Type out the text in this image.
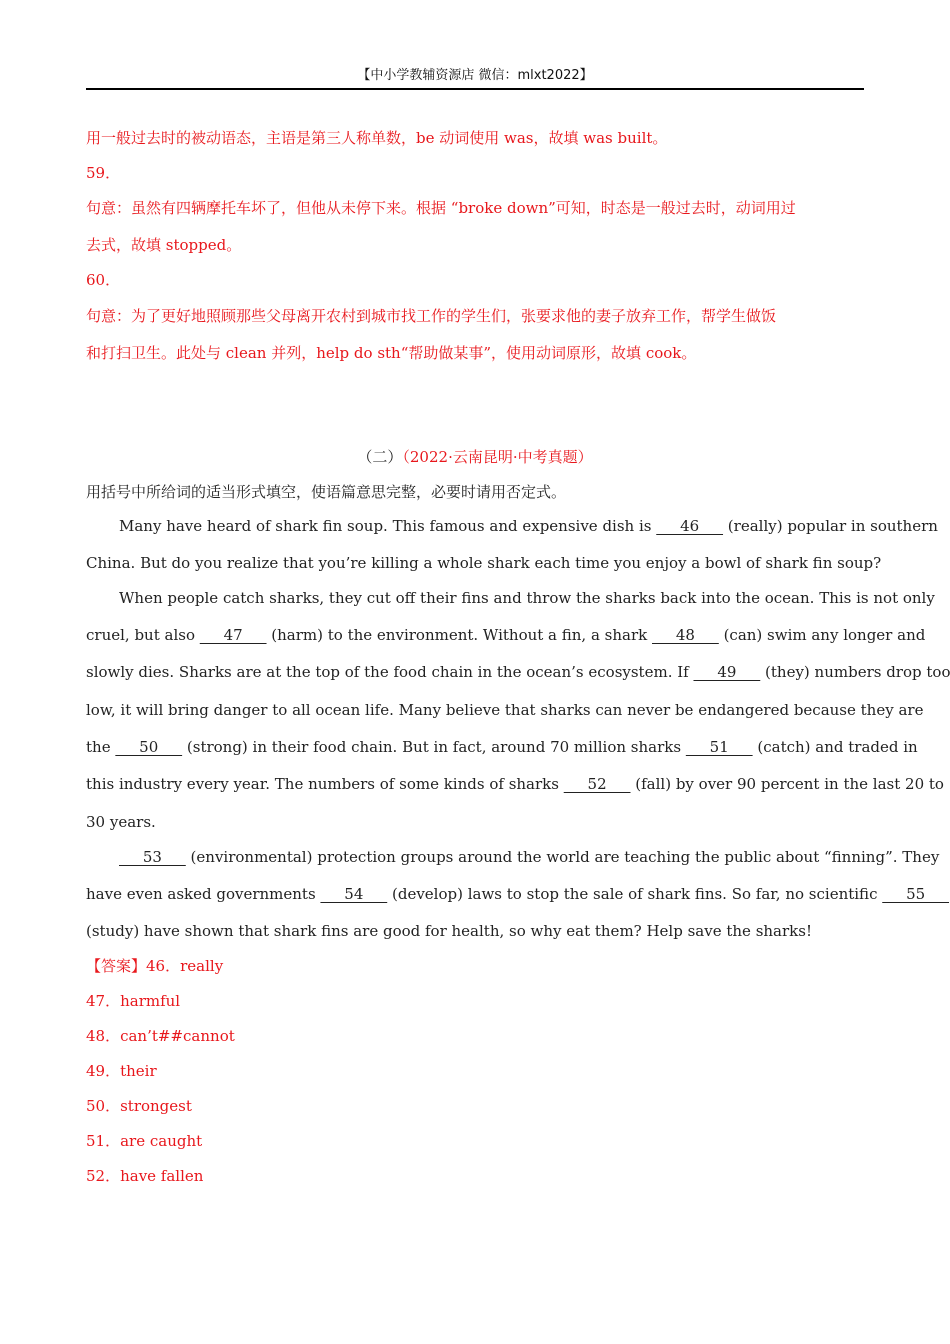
【中小学教辅资源店 微信：mlxt2022】
用一般过去时的被动语态，主语是第三人称单数，be 动词使用 was，故填 was built。
59．
句意：虽然有四辆摩托车坏了，但他从未停下来。根据 “broke down”可知，时态是一般过去时，动词用过
去式，故填 stopped。
60．
句意：为了更好地照顾那些父母离开农村到城市找工作的学生们，张要求他的妻子放弃工作，帮学生做饭
和打扫卫生。此处与 clean 并列，help do sth“帮助做某事”，使用动词原形，故填 cook。
（二）（2022·云南昆明·中考真题）
用括号中所给词的适当形式填空，使语篇意思完整，必要时请用否定式。
Many have heard of shark fin soup. This famous and expensive dish is      46      (really) popular in southern
China. But do you realize that you’re killing a whole shark each time you enjoy a bowl of shark fin soup?
When people catch sharks, they cut off their fins and throw the sharks back into the ocean. This is not only
cruel, but also      47      (harm) to the environment. Without a fin, a shark      48      (can) swim any longer and
slowly dies. Sharks are at the top of the food chain in the ocean’s ecosystem. If      49      (they) numbers drop too
low, it will bring danger to all ocean life. Many believe that sharks can never be endangered because they are
the      50      (strong) in their food chain. But in fact, around 70 million sharks      51      (catch) and traded in
this industry every year. The numbers of some kinds of sharks      52      (fall) by over 90 percent in the last 20 to
30 years.
53      (environmental) protection groups around the world are teaching the public about “finning”. They
have even asked governments      54      (develop) laws to stop the sale of shark fins. So far, no scientific      55
(study) have shown that shark fins are good for health, so why eat them? Help save the sharks!
【答案】46．really
47．harmful
48．can’t##cannot
49．their
50．strongest
51．are caught
52．have fallen
